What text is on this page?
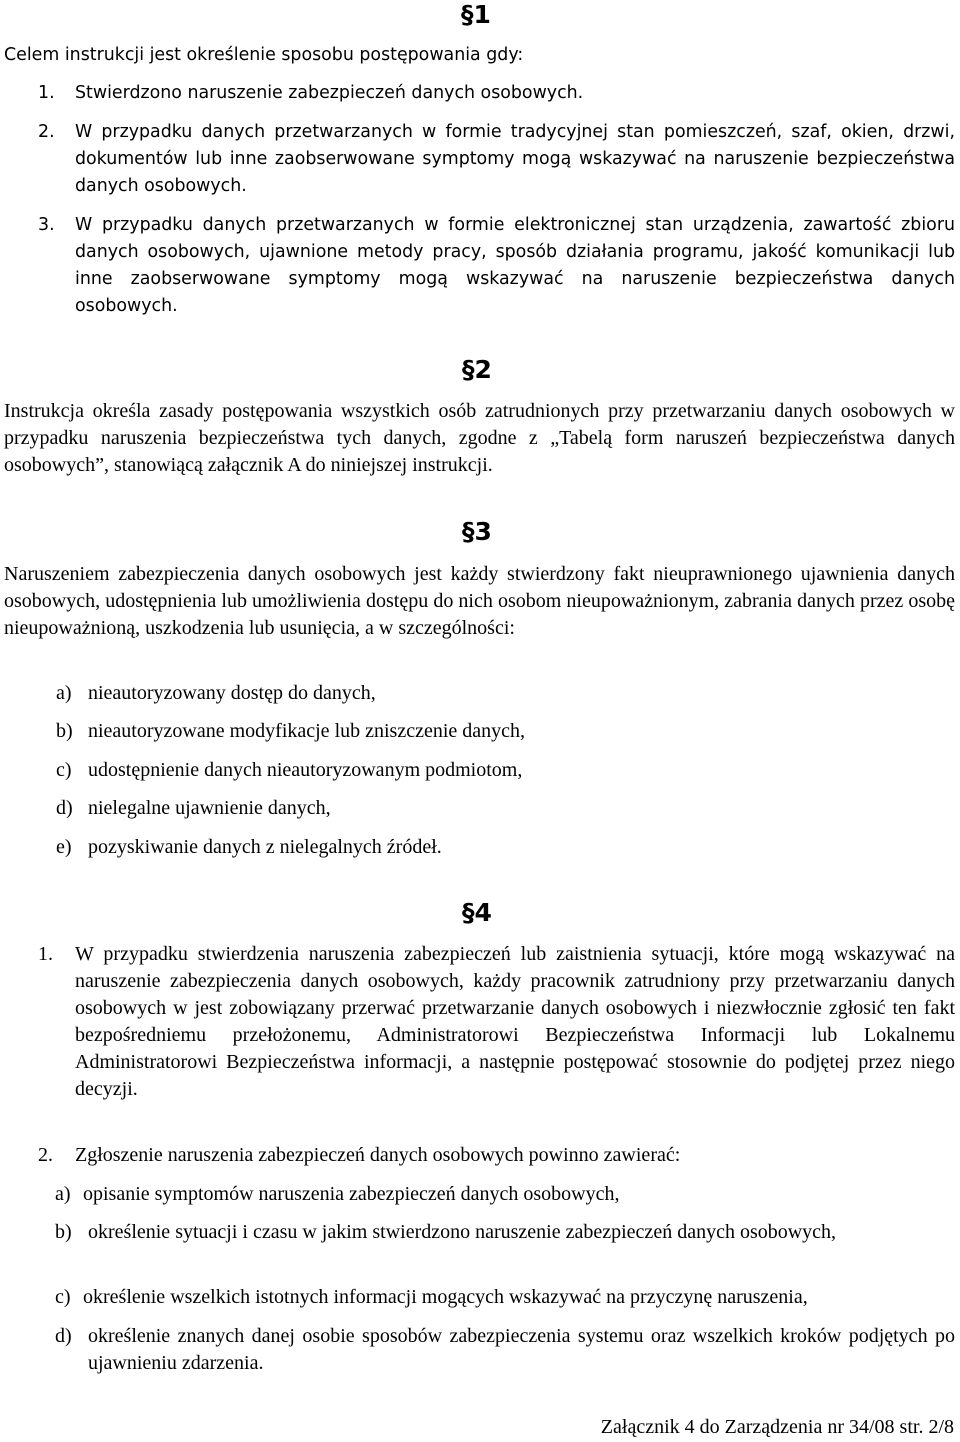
§1
Celem instrukcji jest określenie sposobu postępowania gdy:
1. Stwierdzono naruszenie zabezpieczeń danych osobowych.
2. W przypadku danych przetwarzanych w formie tradycyjnej stan pomieszczeń, szaf, okien, drzwi, dokumentów lub inne zaobserwowane symptomy mogą wskazywać na naruszenie bezpieczeństwa danych osobowych.
3. W przypadku danych przetwarzanych w formie elektronicznej stan urządzenia, zawartość zbioru danych osobowych, ujawnione metody pracy, sposób działania programu, jakość komunikacji lub inne zaobserwowane symptomy mogą wskazywać na naruszenie bezpieczeństwa danych osobowych.
§2
Instrukcja określa zasady postępowania wszystkich osób zatrudnionych przy przetwarzaniu danych osobowych w przypadku naruszenia bezpieczeństwa tych danych, zgodne z „Tabelą form naruszeń bezpieczeństwa danych osobowych”, stanowiącą załącznik A do niniejszej instrukcji.
§3
Naruszeniem zabezpieczenia danych osobowych jest każdy stwierdzony fakt nieuprawnionego ujawnienia danych osobowych, udostępnienia lub umożliwienia dostępu do nich osobom nieupoważnionym, zabrania danych przez osobę nieupoważnioną, uszkodzenia lub usunięcia, a w szczególności:
a) nieautoryzowany dostęp do danych,
b) nieautoryzowane modyfikacje lub zniszczenie danych,
c) udostępnienie danych nieautoryzowanym podmiotom,
d) nielegalne ujawnienie danych,
e) pozyskiwanie danych z nielegalnych źródeł.
§4
1. W przypadku stwierdzenia naruszenia zabezpieczeń lub zaistnienia sytuacji, które mogą wskazywać na naruszenie zabezpieczenia danych osobowych, każdy pracownik zatrudniony przy przetwarzaniu danych osobowych w jest zobowiązany przerwać przetwarzanie danych osobowych i niezwłocznie zgłosić ten fakt bezpośredniemu przełożonemu, Administratorowi Bezpieczeństwa Informacji lub Lokalnemu Administratorowi Bezpieczeństwa informacji, a następnie postępować stosownie do podjętej przez niego decyzji.
2. Zgłoszenie naruszenia zabezpieczeń danych osobowych powinno zawierać:
a) opisanie symptomów naruszenia zabezpieczeń danych osobowych,
b) określenie sytuacji i czasu w jakim stwierdzono naruszenie zabezpieczeń danych osobowych,
c) określenie wszelkich istotnych informacji mogących wskazywać na przyczynę naruszenia,
d) określenie znanych danej osobie sposobów zabezpieczenia systemu oraz wszelkich kroków podjętych po ujawnieniu zdarzenia.
Załącznik 4 do Zarządzenia nr 34/08 str. 2/8
